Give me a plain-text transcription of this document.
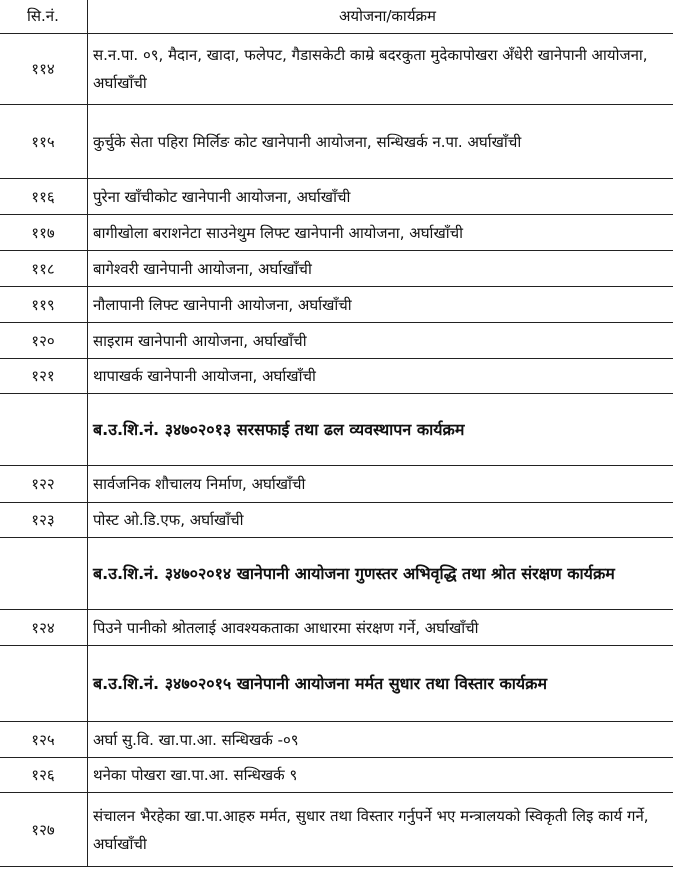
सि.नं.	अयोजना/कार्यक्रम
११४	स.न.पा. ०९, मैदान, खादा, फलेपट, गैडासकेटी काम्रे बदरकुता मुदेकापोखरा अँधेरी खानेपानी आयोजना, अर्घाखाँची
११५	कुर्चुके सेता पहिरा मिर्लिङ कोट खानेपानी आयोजना, सन्धिखर्क न.पा. अर्घाखाँची
११६	पुरेना खाँचीकोट खानेपानी आयोजना, अर्घाखाँची
११७	बागीखोला बराशनेटा साउनेथुम लिफ्ट खानेपानी आयोजना, अर्घाखाँची
११८	बागेश्वरी खानेपानी आयोजना, अर्घाखाँची
११९	नौलापानी लिफ्ट खानेपानी आयोजना, अर्घाखाँची
१२०	साइराम खानेपानी आयोजना, अर्घाखाँची
१२१	थापाखर्क खानेपानी आयोजना, अर्घाखाँची
	ब.उ.शि.नं. ३४७०२०१३ सरसफाई तथा ढल व्यवस्थापन कार्यक्रम
१२२	सार्वजनिक शौचालय निर्माण, अर्घाखाँची
१२३	पोस्ट ओ.डि.एफ, अर्घाखाँची
	ब.उ.शि.नं. ३४७०२०१४ खानेपानी आयोजना गुणस्तर अभिवृद्धि तथा श्रोत संरक्षण कार्यक्रम
१२४	पिउने पानीको श्रोतलाई आवश्यकताका आधारमा संरक्षण गर्ने, अर्घाखाँची
	ब.उ.शि.नं. ३४७०२०१५ खानेपानी आयोजना मर्मत सुधार तथा विस्तार कार्यक्रम
१२५	अर्घा सु.वि. खा.पा.आ. सन्धिखर्क -०९
१२६	थनेका पोखरा खा.पा.आ. सन्धिखर्क ९
१२७	संचालन भैरहेका खा.पा.आहरु मर्मत, सुधार तथा विस्तार गर्नुपर्ने भए मन्त्रालयको स्विकृती लिइ कार्य गर्ने, अर्घाखाँची
